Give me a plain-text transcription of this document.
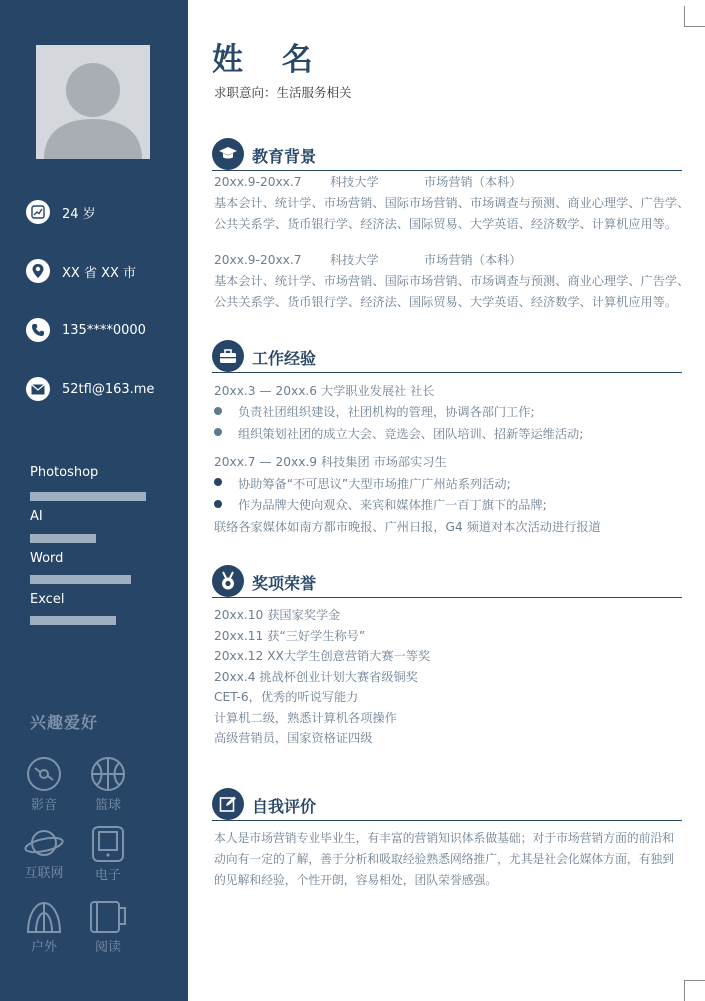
24 岁
XX 省 XX 市
135****0000
52tfl@163.me
Photoshop
AI
Word
Excel
兴趣爱好
影音	篮球
互联网	电子
户外	阅读
姓 名
求职意向：生活服务相关
教育背景
20xx.9-20xx.7 科技大学	市场营销（本科）
基本会计、统计学、市场营销、国际市场营销、市场调查与预测、商业心理学、广告学、
公共关系学、货币银行学、经济法、国际贸易、大学英语、经济数学、计算机应用等。
20xx.9-20xx.7 科技大学	市场营销（本科）
基本会计、统计学、市场营销、国际市场营销、市场调查与预测、商业心理学、广告学、
公共关系学、货币银行学、经济法、国际贸易、大学英语、经济数学、计算机应用等。
工作经验
20xx.3 — 20xx.6 大学职业发展社 社长
负责社团组织建设，社团机构的管理，协调各部门工作;
组织策划社团的成立大会、竞选会、团队培训、招新等运维活动;
20xx.7 — 20xx.9 科技集团 市场部实习生
协助筹备“不可思议”大型市场推广广州站系列活动;
作为品牌大使向观众、来宾和媒体推广一百丁旗下的品牌;
联络各家媒体如南方都市晚报、广州日报，G4 频道对本次活动进行报道
奖项荣誉
20xx.10 获国家奖学金
20xx.11 获“三好学生称号”
20xx.12 XX大学生创意营销大赛一等奖
20xx.4 挑战杯创业计划大赛省级铜奖
CET-6，优秀的听说写能力
计算机二级，熟悉计算机各项操作
高级营销员，国家资格证四级
自我评价
本人是市场营销专业毕业生，有丰富的营销知识体系做基础；对于市场营销方面的前沿和
动向有一定的了解，善于分析和吸取经验熟悉网络推广，尤其是社会化媒体方面，有独到
的见解和经验，个性开朗，容易相处，团队荣誉感强。
